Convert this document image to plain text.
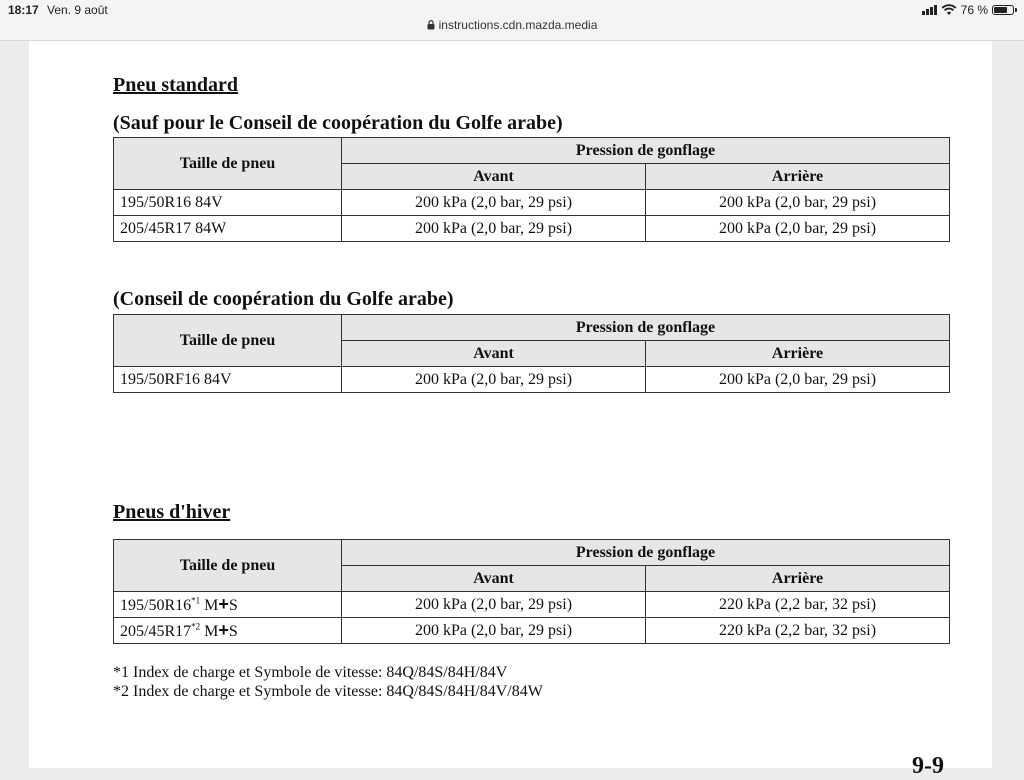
18:17 Ven. 9 août	76 %
instructions.cdn.mazda.media
Pneu standard
(Sauf pour le Conseil de coopération du Golfe arabe)
Taille de pneu	Pression de gonflage	
	Avant	Arrière
195/50R16 84V	200 kPa (2,0 bar, 29 psi)	200 kPa (2,0 bar, 29 psi)
205/45R17 84W	200 kPa (2,0 bar, 29 psi)	200 kPa (2,0 bar, 29 psi)
(Conseil de coopération du Golfe arabe)
Taille de pneu	Pression de gonflage	
	Avant	Arrière
195/50RF16 84V	200 kPa (2,0 bar, 29 psi)	200 kPa (2,0 bar, 29 psi)
Pneus d'hiver
Taille de pneu	Pression de gonflage	
	Avant	Arrière
195/50R16$^{*1}$ M+S	200 kPa (2,0 bar, 29 psi)	220 kPa (2,2 bar, 32 psi)
205/45R17$^{*2}$ M+S	200 kPa (2,0 bar, 29 psi)	220 kPa (2,2 bar, 32 psi)
*1 Index de charge et Symbole de vitesse: 84Q/84S/84H/84V
*2 Index de charge et Symbole de vitesse: 84Q/84S/84H/84V/84W
9-9
